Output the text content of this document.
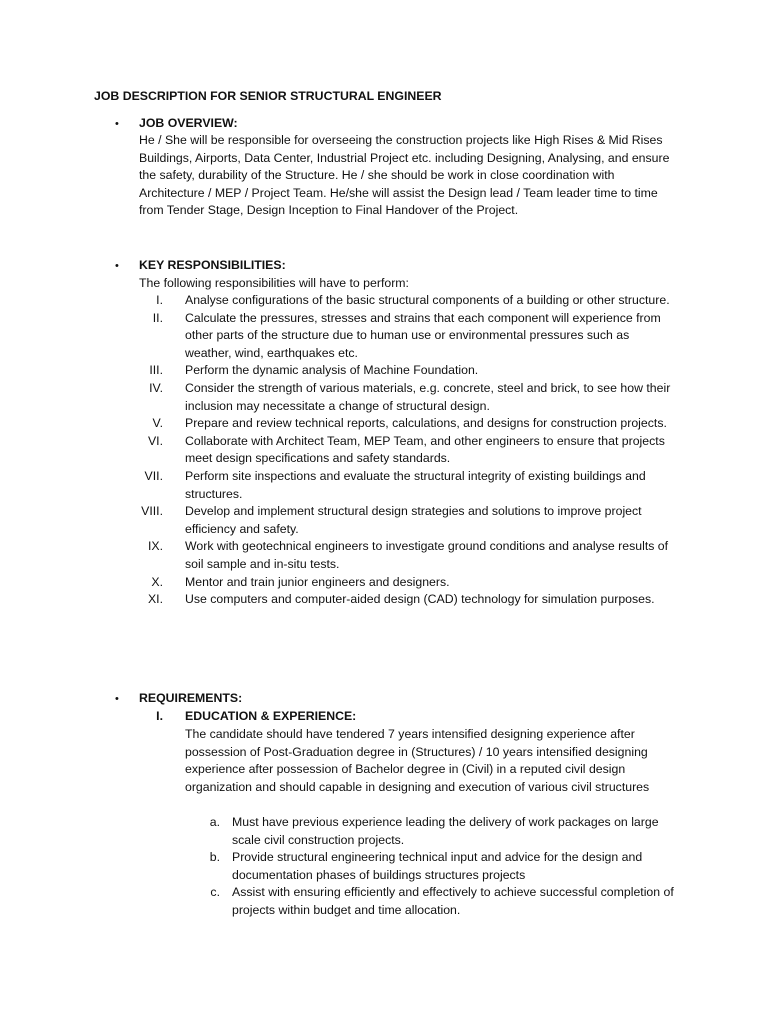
JOB DESCRIPTION FOR SENIOR STRUCTURAL ENGINEER
• JOB OVERVIEW:
He / She will be responsible for overseeing the construction projects like High Rises & Mid Rises Buildings, Airports, Data Center, Industrial Project etc. including Designing, Analysing, and ensure the safety, durability of the Structure. He / she should be work in close coordination with Architecture / MEP / Project Team. He/she will assist the Design lead / Team leader time to time from Tender Stage, Design Inception to Final Handover of the Project.
• KEY RESPONSIBILITIES:
The following responsibilities will have to perform:
I. Analyse configurations of the basic structural components of a building or other structure.
II. Calculate the pressures, stresses and strains that each component will experience from other parts of the structure due to human use or environmental pressures such as weather, wind, earthquakes etc.
III. Perform the dynamic analysis of Machine Foundation.
IV. Consider the strength of various materials, e.g. concrete, steel and brick, to see how their inclusion may necessitate a change of structural design.
V. Prepare and review technical reports, calculations, and designs for construction projects.
VI. Collaborate with Architect Team, MEP Team, and other engineers to ensure that projects meet design specifications and safety standards.
VII. Perform site inspections and evaluate the structural integrity of existing buildings and structures.
VIII. Develop and implement structural design strategies and solutions to improve project efficiency and safety.
IX. Work with geotechnical engineers to investigate ground conditions and analyse results of soil sample and in-situ tests.
X. Mentor and train junior engineers and designers.
XI. Use computers and computer-aided design (CAD) technology for simulation purposes.
• REQUIREMENTS:
I. EDUCATION & EXPERIENCE:
The candidate should have tendered 7 years intensified designing experience after possession of Post-Graduation degree in (Structures) / 10 years intensified designing experience after possession of Bachelor degree in (Civil) in a reputed civil design organization and should capable in designing and execution of various civil structures
a. Must have previous experience leading the delivery of work packages on large scale civil construction projects.
b. Provide structural engineering technical input and advice for the design and documentation phases of buildings structures projects
c. Assist with ensuring efficiently and effectively to achieve successful completion of projects within budget and time allocation.
